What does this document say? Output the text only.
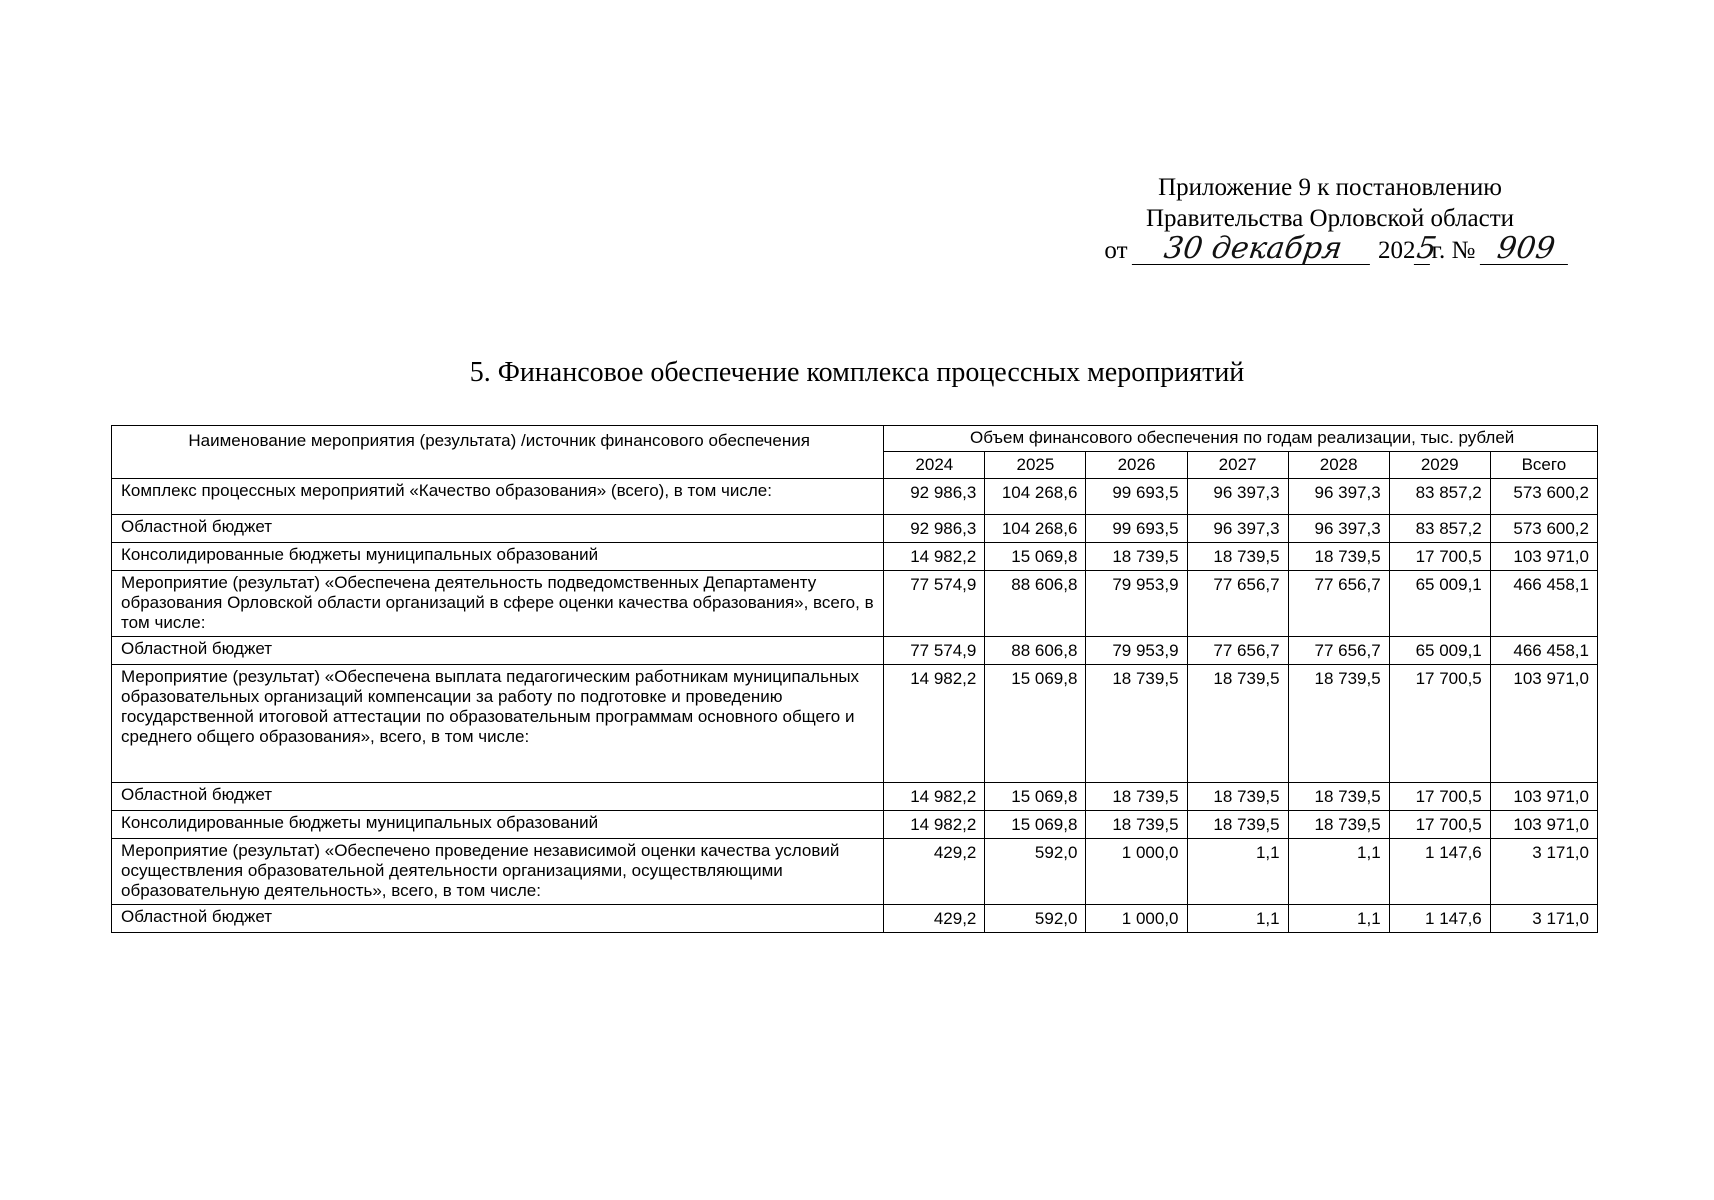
Приложение 9 к постановлению
Правительства Орловской области
от 30 декабря 2025г. № 909
5. Финансовое обеспечение комплекса процессных мероприятий
Наименование мероприятия (результата) /источник финансового обеспечения	Объем финансового обеспечения по годам реализации, тыс. рублей						
	2024	2025	2026	2027	2028	2029	Всего
Комплекс процессных мероприятий «Качество образования» (всего), в том числе:	92 986,3	104 268,6	99 693,5	96 397,3	96 397,3	83 857,2	573 600,2
Областной бюджет	92 986,3	104 268,6	99 693,5	96 397,3	96 397,3	83 857,2	573 600,2
Консолидированные бюджеты муниципальных образований	14 982,2	15 069,8	18 739,5	18 739,5	18 739,5	17 700,5	103 971,0
Мероприятие (результат) «Обеспечена деятельность подведомственных Департаменту образования Орловской области организаций в сфере оценки качества образования», всего, в том числе:	77 574,9	88 606,8	79 953,9	77 656,7	77 656,7	65 009,1	466 458,1
Областной бюджет	77 574,9	88 606,8	79 953,9	77 656,7	77 656,7	65 009,1	466 458,1
Мероприятие (результат) «Обеспечена выплата педагогическим работникам муниципальных образовательных организаций компенсации за работу по подготовке и проведению государственной итоговой аттестации по образовательным программам основного общего и среднего общего образования», всего, в том числе:	14 982,2	15 069,8	18 739,5	18 739,5	18 739,5	17 700,5	103 971,0
Областной бюджет	14 982,2	15 069,8	18 739,5	18 739,5	18 739,5	17 700,5	103 971,0
Консолидированные бюджеты муниципальных образований	14 982,2	15 069,8	18 739,5	18 739,5	18 739,5	17 700,5	103 971,0
Мероприятие (результат) «Обеспечено проведение независимой оценки качества условий осуществления образовательной деятельности организациями, осуществляющими образовательную деятельность», всего, в том числе:	429,2	592,0	1 000,0	1,1	1,1	1 147,6	3 171,0
Областной бюджет	429,2	592,0	1 000,0	1,1	1,1	1 147,6	3 171,0
